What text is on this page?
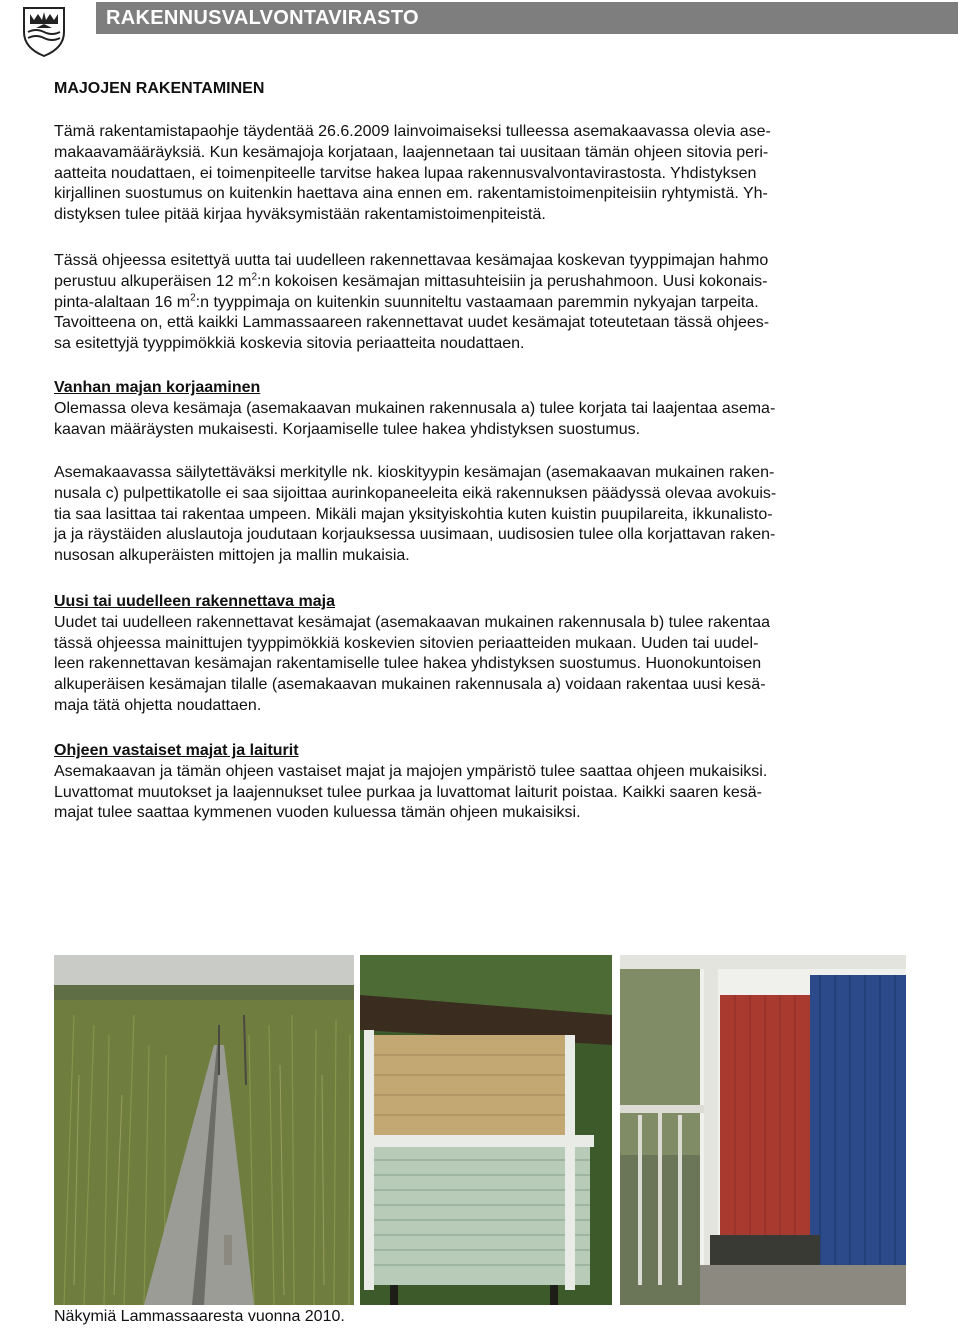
RAKENNUSVALVONTAVIRASTO
MAJOJEN RAKENTAMINEN
Tämä rakentamistapaohje täydentää 26.6.2009 lainvoimaiseksi tulleessa asemakaavassa olevia ase-
makaavamääräyksiä. Kun kesämajoja korjataan, laajennetaan tai uusitaan tämän ohjeen sitovia peri-
aatteita noudattaen, ei toimenpiteelle tarvitse hakea lupaa rakennusvalvontavirastosta. Yhdistyksen
kirjallinen suostumus on kuitenkin haettava aina ennen em. rakentamistoimenpiteisiin ryhtymistä. Yh-
distyksen tulee pitää kirjaa hyväksymistään rakentamistoimenpiteistä.
Tässä ohjeessa esitettyä uutta tai uudelleen rakennettavaa kesämajaa koskevan tyyppimajan hahmo
perustuu alkuperäisen 12 $m^2:n$ kokoisen kesämajan mittasuhteisiin ja perushahmoon. Uusi kokonais-
pinta-alaltaan 16 $m^2:n$ tyyppimaja on kuitenkin suunniteltu vastaamaan paremmin nykyajan tarpeita.
Tavoitteena on, että kaikki Lammassaareen rakennettavat uudet kesämajat toteutetaan tässä ohjees-
sa esitettyjä tyyppimökkiä koskevia sitovia periaatteita noudattaen.
Vanhan majan korjaaminen
Olemassa oleva kesämaja (asemakaavan mukainen rakennusala a) tulee korjata tai laajentaa asema-
kaavan määräysten mukaisesti. Korjaamiselle tulee hakea yhdistyksen suostumus.
Asemakaavassa säilytettäväksi merkitylle nk. kioskityypin kesämajan (asemakaavan mukainen raken-
nusala c) pulpettikatolle ei saa sijoittaa aurinkopaneeleita eikä rakennuksen päädyssä olevaa avokuis-
tia saa lasittaa tai rakentaa umpeen. Mikäli majan yksityiskohtia kuten kuistin puupilareita, ikkunalisto-
ja ja räystäiden aluslautoja joudutaan korjauksessa uusimaan, uudisosien tulee olla korjattavan raken-
nusosan alkuperäisten mittojen ja mallin mukaisia.
Uusi tai uudelleen rakennettava maja
Uudet tai uudelleen rakennettavat kesämajat (asemakaavan mukainen rakennusala b) tulee rakentaa
tässä ohjeessa mainittujen tyyppimökkiä koskevien sitovien periaatteiden mukaan. Uuden tai uudel-
leen rakennettavan kesämajan rakentamiselle tulee hakea yhdistyksen suostumus. Huonokuntoisen
alkuperäisen kesämajan tilalle (asemakaavan mukainen rakennusala a) voidaan rakentaa uusi kesä-
maja tätä ohjetta noudattaen.
Ohjeen vastaiset majat ja laiturit
Asemakaavan ja tämän ohjeen vastaiset majat ja majojen ympäristö tulee saattaa ohjeen mukaisiksi.
Luvattomat muutokset ja laajennukset tulee purkaa ja luvattomat laiturit poistaa. Kaikki saaren kesä-
majat tulee saattaa kymmenen vuoden kuluessa tämän ohjeen mukaisiksi.
Näkymiä Lammassaaresta vuonna 2010.
